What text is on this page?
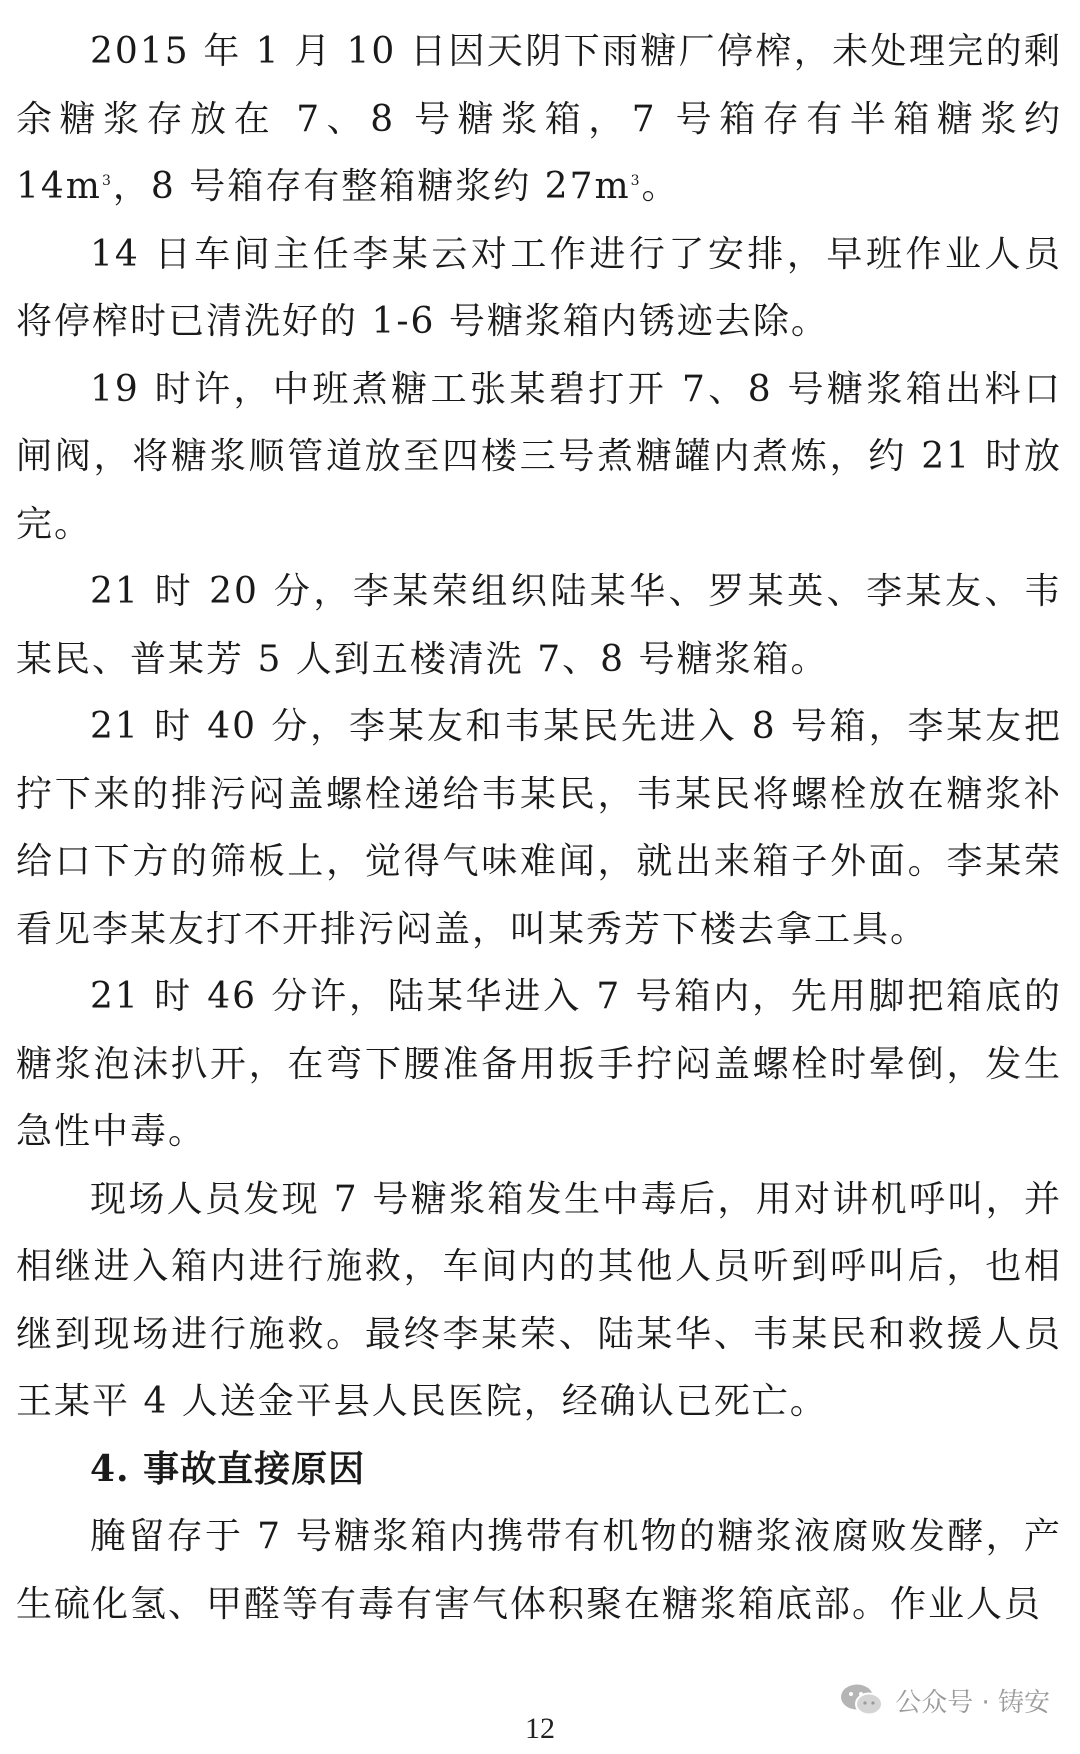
2015 年 1 月 10 日因天阴下雨糖厂停榨，未处理完的剩余糖浆存放在 7、8 号糖浆箱，7 号箱存有半箱糖浆约 $14m^3$，8 号箱存有整箱糖浆约 $27m^3$。

14 日车间主任李某云对工作进行了安排，早班作业人员将停榨时已清洗好的 1-6 号糖浆箱内锈迹去除。

19 时许，中班煮糖工张某碧打开 7、8 号糖浆箱出料口闸阀，将糖浆顺管道放至四楼三号煮糖罐内煮炼，约 21 时放完。

21 时 20 分，李某荣组织陆某华、罗某英、李某友、韦某民、普某芳 5 人到五楼清洗 7、8 号糖浆箱。

21 时 40 分，李某友和韦某民先进入 8 号箱，李某友把拧下来的排污闷盖螺栓递给韦某民，韦某民将螺栓放在糖浆补给口下方的筛板上，觉得气味难闻，就出来箱子外面。李某荣看见李某友打不开排污闷盖，叫某秀芳下楼去拿工具。

21 时 46 分许，陆某华进入 7 号箱内，先用脚把箱底的糖浆泡沫扒开，在弯下腰准备用扳手拧闷盖螺栓时晕倒，发生急性中毒。

现场人员发现 7 号糖浆箱发生中毒后，用对讲机呼叫，并相继进入箱内进行施救，车间内的其他人员听到呼叫后，也相继到现场进行施救。最终李某荣、陆某华、韦某民和救援人员王某平 4 人送金平县人民医院，经确认已死亡。

4. 事故直接原因

腌留存于 7 号糖浆箱内携带有机物的糖浆液腐败发酵，产生硫化氢、甲醛等有毒有害气体积聚在糖浆箱底部。作业人员

公众号 · 铸安
12
